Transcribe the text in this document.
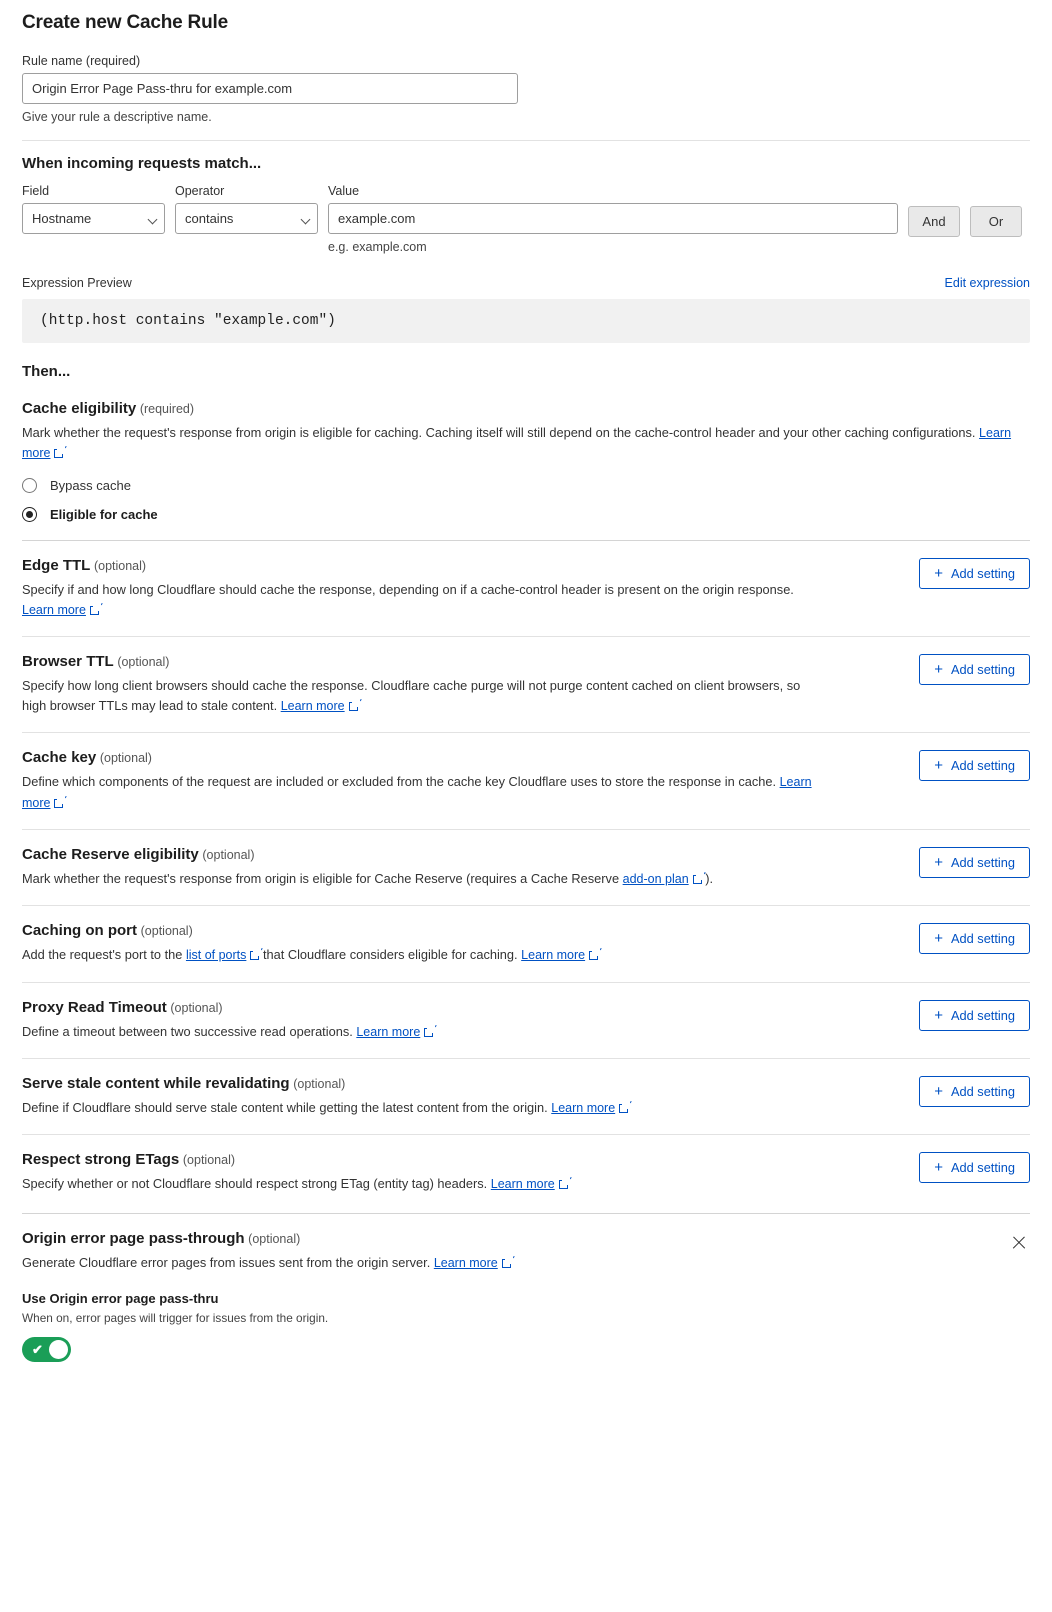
Create new Cache Rule
Rule name (required)
Origin Error Page Pass-thru for example.com
Give your rule a descriptive name.
When incoming requests match...
Field
Hostname
Operator
contains
Value
example.com
e.g. example.com
And	Or
Expression Preview	Edit expression
(http.host contains "example.com")
Then...
Cache eligibility (required)
Mark whether the request's response from origin is eligible for caching. Caching itself will still depend on the cache-control header and your other caching configurations. Learn more
Bypass cache
Eligible for cache
Edge TTL (optional)
Specify if and how long Cloudflare should cache the response, depending on if a cache-control header is present on the origin response. Learn more
+ Add setting
Browser TTL (optional)
Specify how long client browsers should cache the response. Cloudflare cache purge will not purge content cached on client browsers, so high browser TTLs may lead to stale content. Learn more
+ Add setting
Cache key (optional)
Define which components of the request are included or excluded from the cache key Cloudflare uses to store the response in cache. Learn more
+ Add setting
Cache Reserve eligibility (optional)
Mark whether the request's response from origin is eligible for Cache Reserve (requires a Cache Reserve add-on plan ).
+ Add setting
Caching on port (optional)
Add the request's port to the list of ports that Cloudflare considers eligible for caching. Learn more
+ Add setting
Proxy Read Timeout (optional)
Define a timeout between two successive read operations. Learn more
+ Add setting
Serve stale content while revalidating (optional)
Define if Cloudflare should serve stale content while getting the latest content from the origin. Learn more
+ Add setting
Respect strong ETags (optional)
Specify whether or not Cloudflare should respect strong ETag (entity tag) headers. Learn more
+ Add setting
Origin error page pass-through (optional)
Generate Cloudflare error pages from issues sent from the origin server. Learn more
Use Origin error page pass-thru
When on, error pages will trigger for issues from the origin.
✔
